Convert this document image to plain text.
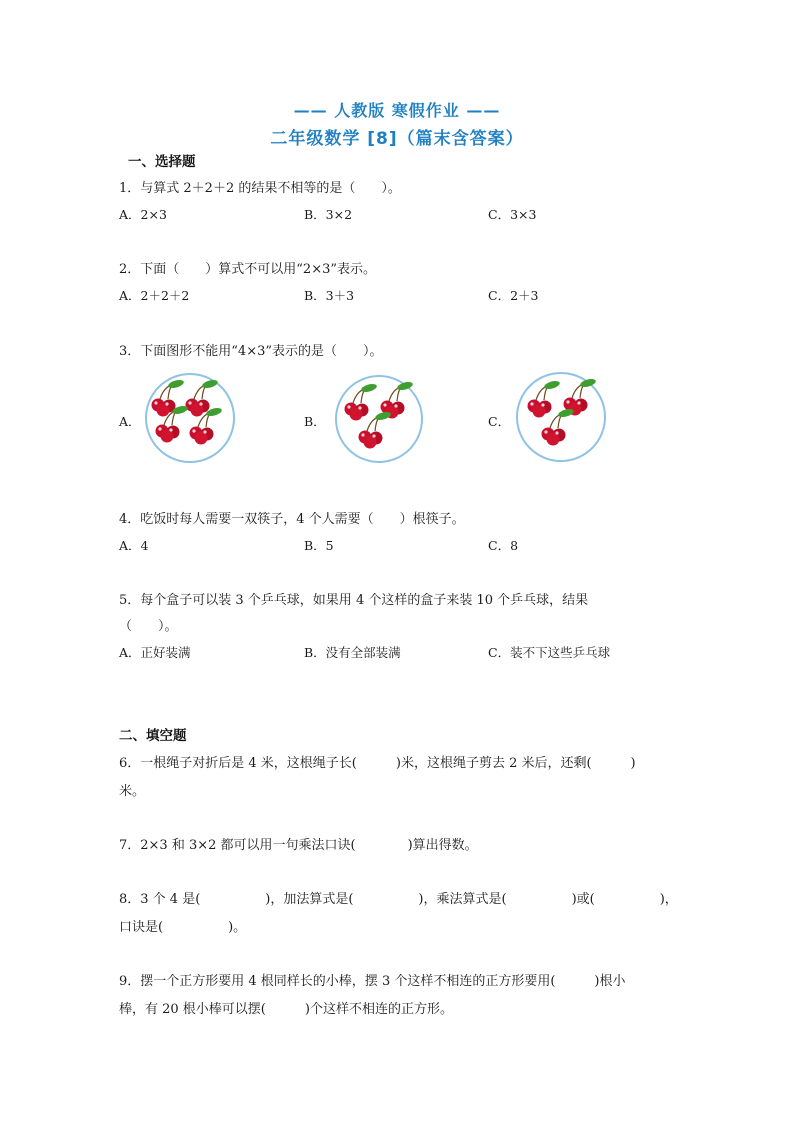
—— 人教版 寒假作业 ——
二年级数学 [8]（篇末含答案）
一、选择题
1．与算式 2＋2＋2 的结果不相等的是（　　）。
A．2×3	B．3×2	C．3×3
2．下面（　　）算式不可以用“2×3”表示。
A．2＋2＋2	B．3＋3	C．2＋3
3．下面图形不能用“4×3”表示的是（　　）。
A．	B．	C．
4．吃饭时每人需要一双筷子，4 个人需要（　　）根筷子。
A．4	B．5	C．8
5．每个盒子可以装 3 个乒乓球，如果用 4 个这样的盒子来装 10 个乒乓球，结果
（　　）。
A．正好装满	B．没有全部装满	C．装不下这些乒乓球
二、填空题
6．一根绳子对折后是 4 米，这根绳子长(　　　)米，这根绳子剪去 2 米后，还剩(　　　)
米。
7．2×3 和 3×2 都可以用一句乘法口诀(　　　　)算出得数。
8．3 个 4 是(　　　　　)，加法算式是(　　　　　)，乘法算式是(　　　　　)或(　　　　　)，
口诀是(　　　　　)。
9．摆一个正方形要用 4 根同样长的小棒，摆 3 个这样不相连的正方形要用(　　　)根小
棒，有 20 根小棒可以摆(　　　)个这样不相连的正方形。
